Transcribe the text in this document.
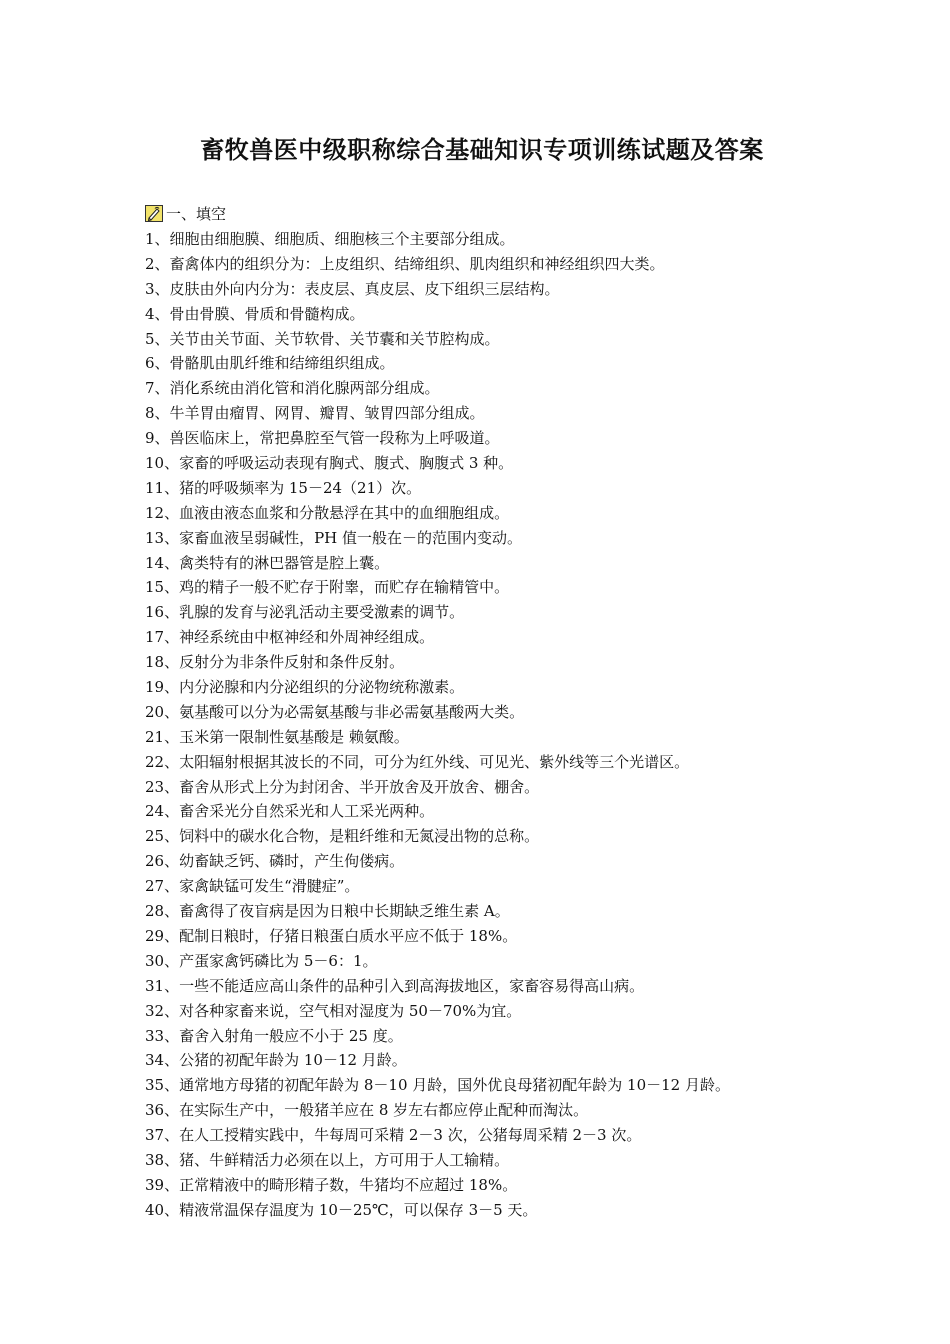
畜牧兽医中级职称综合基础知识专项训练试题及答案
一、填空
1、细胞由细胞膜、细胞质、细胞核三个主要部分组成。
2、畜禽体内的组织分为：上皮组织、结缔组织、肌肉组织和神经组织四大类。
3、皮肤由外向内分为：表皮层、真皮层、皮下组织三层结构。
4、骨由骨膜、骨质和骨髓构成。
5、关节由关节面、关节软骨、关节囊和关节腔构成。
6、骨骼肌由肌纤维和结缔组织组成。
7、消化系统由消化管和消化腺两部分组成。
8、牛羊胃由瘤胃、网胃、瓣胃、皱胃四部分组成。
9、兽医临床上，常把鼻腔至气管一段称为上呼吸道。
10、家畜的呼吸运动表现有胸式、腹式、胸腹式 3 种。
11、猪的呼吸频率为 15－24（21）次。
12、血液由液态血浆和分散悬浮在其中的血细胞组成。
13、家畜血液呈弱碱性，PH 值一般在－的范围内变动。
14、禽类特有的淋巴器管是腔上囊。
15、鸡的精子一般不贮存于附睾，而贮存在输精管中。
16、乳腺的发育与泌乳活动主要受激素的调节。
17、神经系统由中枢神经和外周神经组成。
18、反射分为非条件反射和条件反射。
19、内分泌腺和内分泌组织的分泌物统称激素。
20、氨基酸可以分为必需氨基酸与非必需氨基酸两大类。
21、玉米第一限制性氨基酸是 赖氨酸。
22、太阳辐射根据其波长的不同，可分为红外线、可见光、紫外线等三个光谱区。
23、畜舍从形式上分为封闭舍、半开放舍及开放舍、棚舍。
24、畜舍采光分自然采光和人工采光两种。
25、饲料中的碳水化合物，是粗纤维和无氮浸出物的总称。
26、幼畜缺乏钙、磷时，产生佝偻病。
27、家禽缺锰可发生“滑腱症”。
28、畜禽得了夜盲病是因为日粮中长期缺乏维生素 A。
29、配制日粮时，仔猪日粮蛋白质水平应不低于 18%。
30、产蛋家禽钙磷比为 5－6：1。
31、一些不能适应高山条件的品种引入到高海拔地区，家畜容易得高山病。
32、对各种家畜来说，空气相对湿度为 50－70%为宜。
33、畜舍入射角一般应不小于 25 度。
34、公猪的初配年龄为 10－12 月龄。
35、通常地方母猪的初配年龄为 8－10 月龄，国外优良母猪初配年龄为 10－12 月龄。
36、在实际生产中，一般猪羊应在 8 岁左右都应停止配种而淘汰。
37、在人工授精实践中，牛每周可采精 2－3 次，公猪每周采精 2－3 次。
38、猪、牛鲜精活力必须在以上，方可用于人工输精。
39、正常精液中的畸形精子数，牛猪均不应超过 18%。
40、精液常温保存温度为 10－25℃，可以保存 3－5 天。
